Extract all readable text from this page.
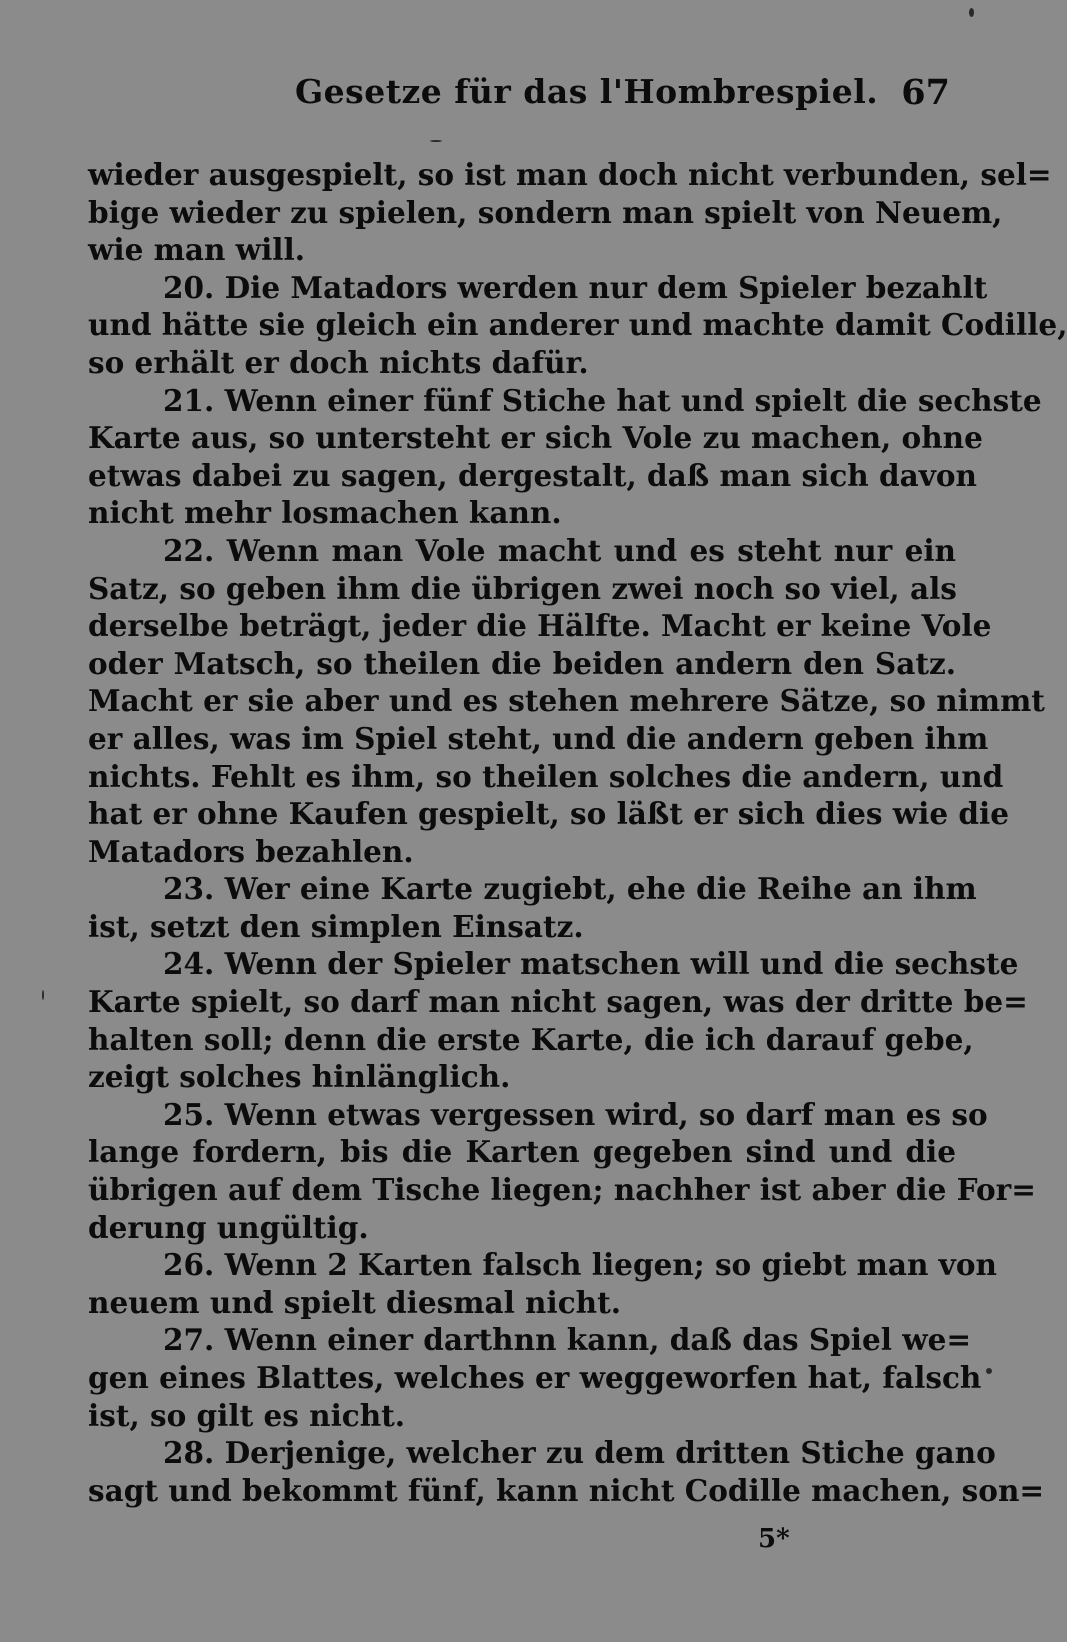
Gesetze für das l'Hombrespiel. 67
wieder ausgespielt, so ist man doch nicht verbunden, sel=
bige wieder zu spielen, sondern man spielt von Neuem,
wie man will.
20. Die Matadors werden nur dem Spieler bezahlt
und hätte sie gleich ein anderer und machte damit Codille,
so erhält er doch nichts dafür.
21. Wenn einer fünf Stiche hat und spielt die sechste
Karte aus, so untersteht er sich Vole zu machen, ohne
etwas dabei zu sagen, dergestalt, daß man sich davon
nicht mehr losmachen kann.
22. Wenn man Vole macht und es steht nur ein
Satz, so geben ihm die übrigen zwei noch so viel, als
derselbe beträgt, jeder die Hälfte. Macht er keine Vole
oder Matsch, so theilen die beiden andern den Satz.
Macht er sie aber und es stehen mehrere Sätze, so nimmt
er alles, was im Spiel steht, und die andern geben ihm
nichts. Fehlt es ihm, so theilen solches die andern, und
hat er ohne Kaufen gespielt, so läßt er sich dies wie die
Matadors bezahlen.
23. Wer eine Karte zugiebt, ehe die Reihe an ihm
ist, setzt den simplen Einsatz.
24. Wenn der Spieler matschen will und die sechste
Karte spielt, so darf man nicht sagen, was der dritte be=
halten soll; denn die erste Karte, die ich darauf gebe,
zeigt solches hinlänglich.
25. Wenn etwas vergessen wird, so darf man es so
lange fordern, bis die Karten gegeben sind und die
übrigen auf dem Tische liegen; nachher ist aber die For=
derung ungültig.
26. Wenn 2 Karten falsch liegen; so giebt man von
neuem und spielt diesmal nicht.
27. Wenn einer darthnn kann, daß das Spiel we=
gen eines Blattes, welches er weggeworfen hat, falsch
ist, so gilt es nicht.
28. Derjenige, welcher zu dem dritten Stiche gano
sagt und bekommt fünf, kann nicht Codille machen, son=
5*
